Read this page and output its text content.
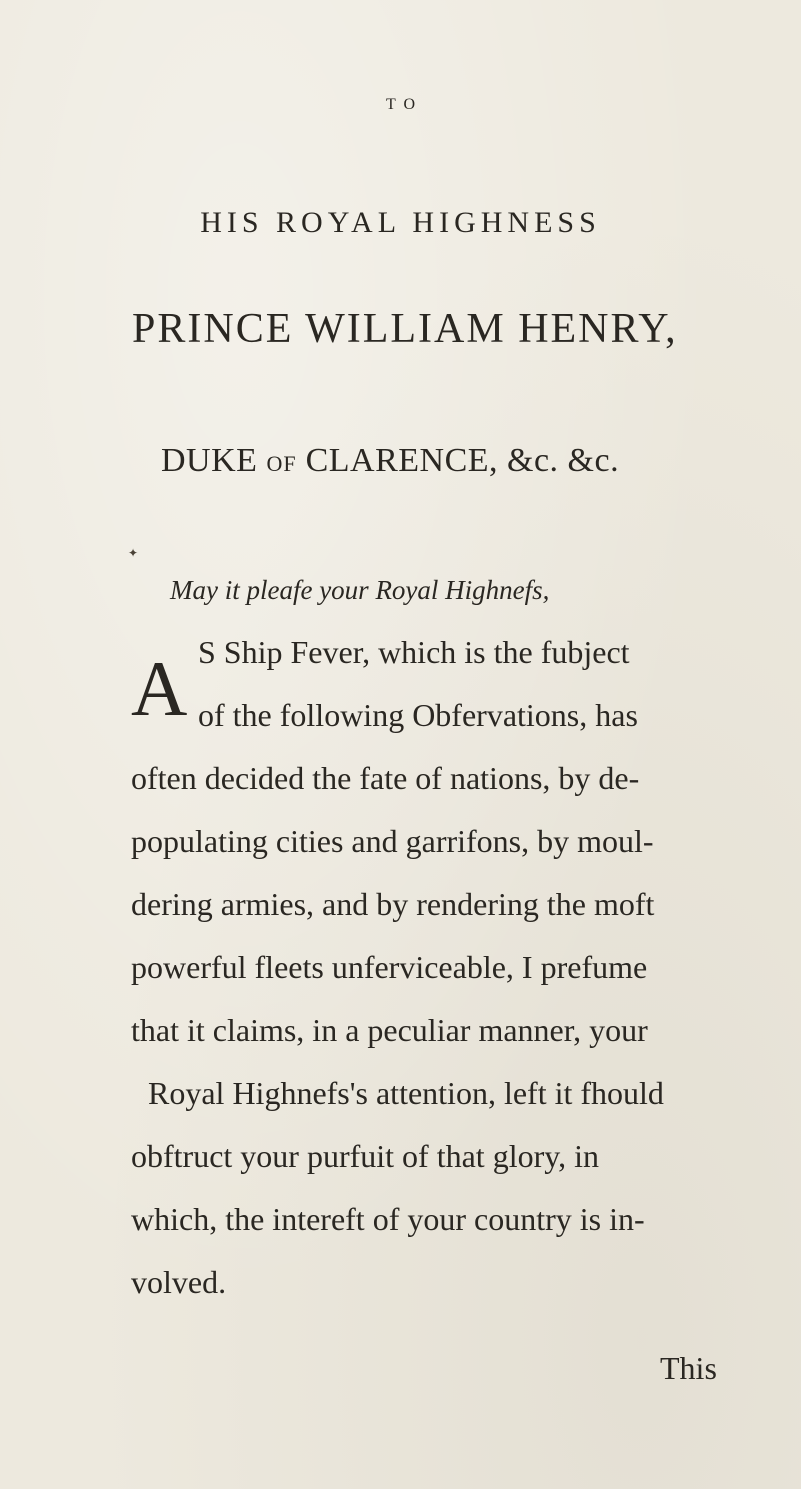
TO

HIS ROYAL HIGHNESS

PRINCE WILLIAM HENRY,

DUKE OF CLARENCE, &c. &c.

✦

May it pleafe your Royal Highnefs,

A S Ship Fever, which is the fubject

of the following Obfervations, has

often decided the fate of nations, by de-

populating cities and garrifons, by moul-

dering armies, and by rendering the moft

powerful fleets unferviceable, I prefume

that it claims, in a peculiar manner, your

Royal Highnefs's attention, left it fhould

obftruct your purfuit of that glory, in

which, the intereft of your country is in-

volved.

This
